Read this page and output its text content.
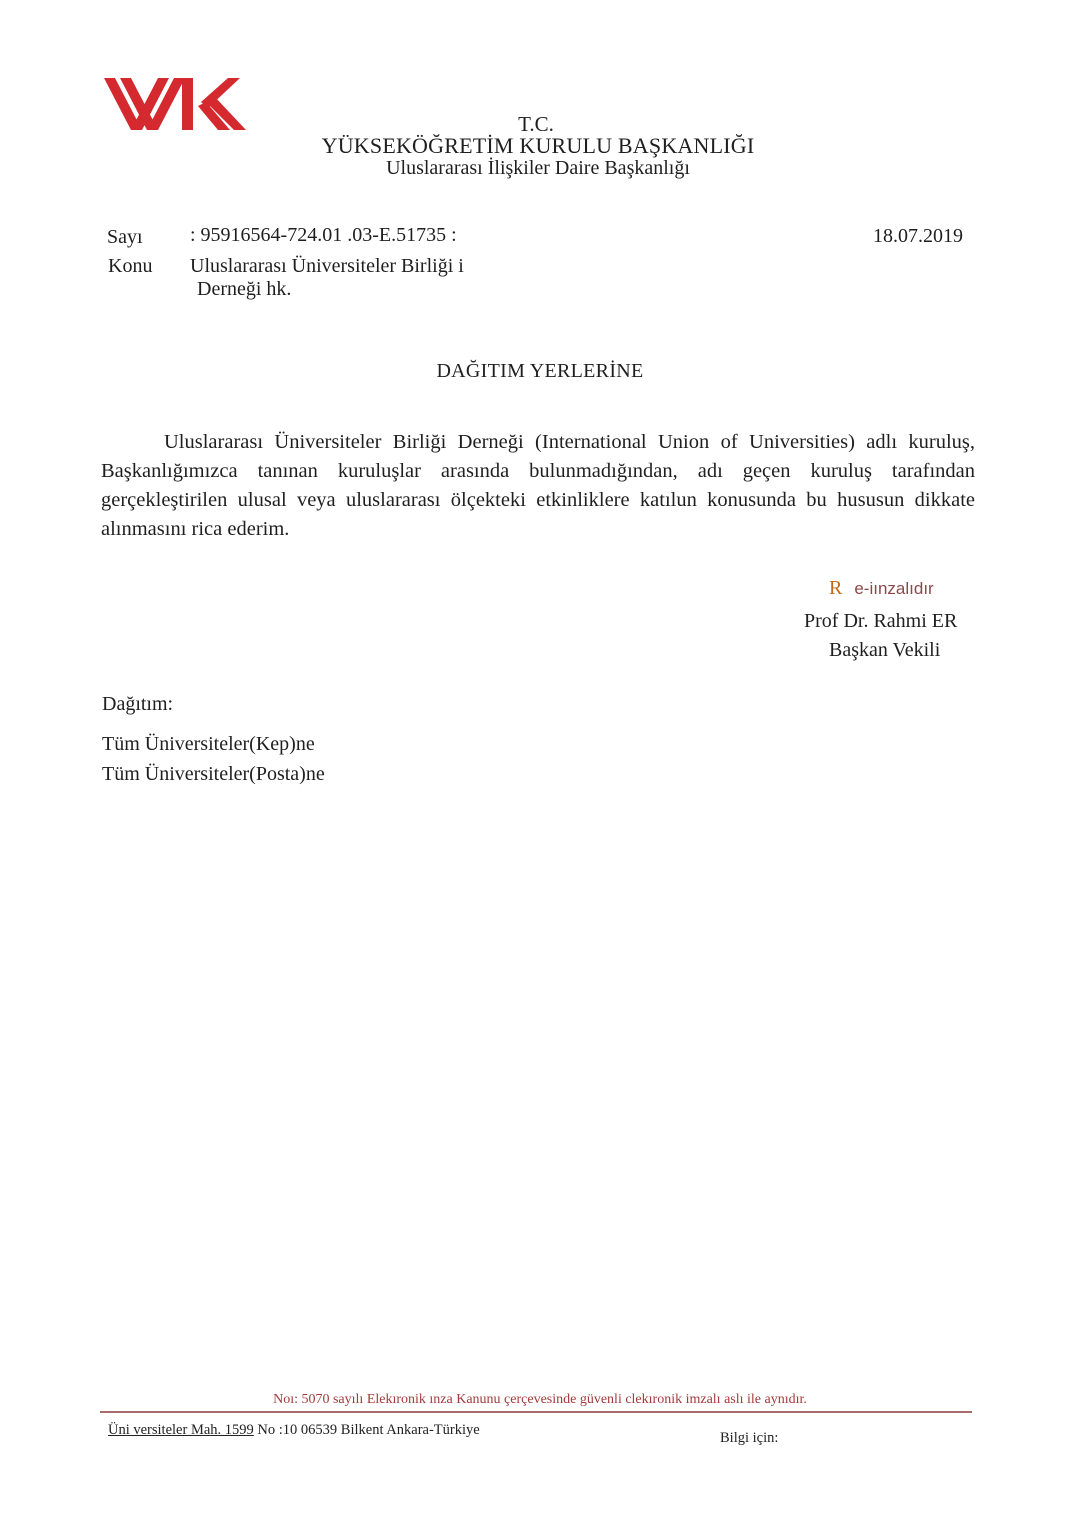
T.C.
YÜKSEKÖĞRETİM KURULU BAŞKANLIĞI
Uluslararası İlişkiler Daire Başkanlığı
Sayı : 95916564-724.01 .03-E.51735 :	18.07.2019
Konu Uluslararası Üniversiteler Birliği i
Derneği hk.
DAĞITIM YERLERİNE
Uluslararası Üniversiteler Birliği Derneği (International Union of Universities) adlı kuruluş, Başkanlığımızca tanınan kuruluşlar arasında bulunmadığından, adı geçen kuruluş tarafından gerçekleştirilen ulusal veya uluslararası ölçekteki etkinliklere katılun konusunda bu hususun dikkate alınmasını rica ederim.
R e-iınzalıdır
Prof Dr. Rahmi ER
Başkan Vekili
Dağıtım:
Tüm Üniversiteler(Kep)ne
Tüm Üniversiteler(Posta)ne
Noı: 5070 sayılı Elekıronik ınza Kanunu çerçevesinde güvenli clekıronik imzalı aslı ile aynıdır.
Üni versiteler Mah. 1599 No :10 06539 Bilkent Ankara-Türkiye	Bilgi için:
